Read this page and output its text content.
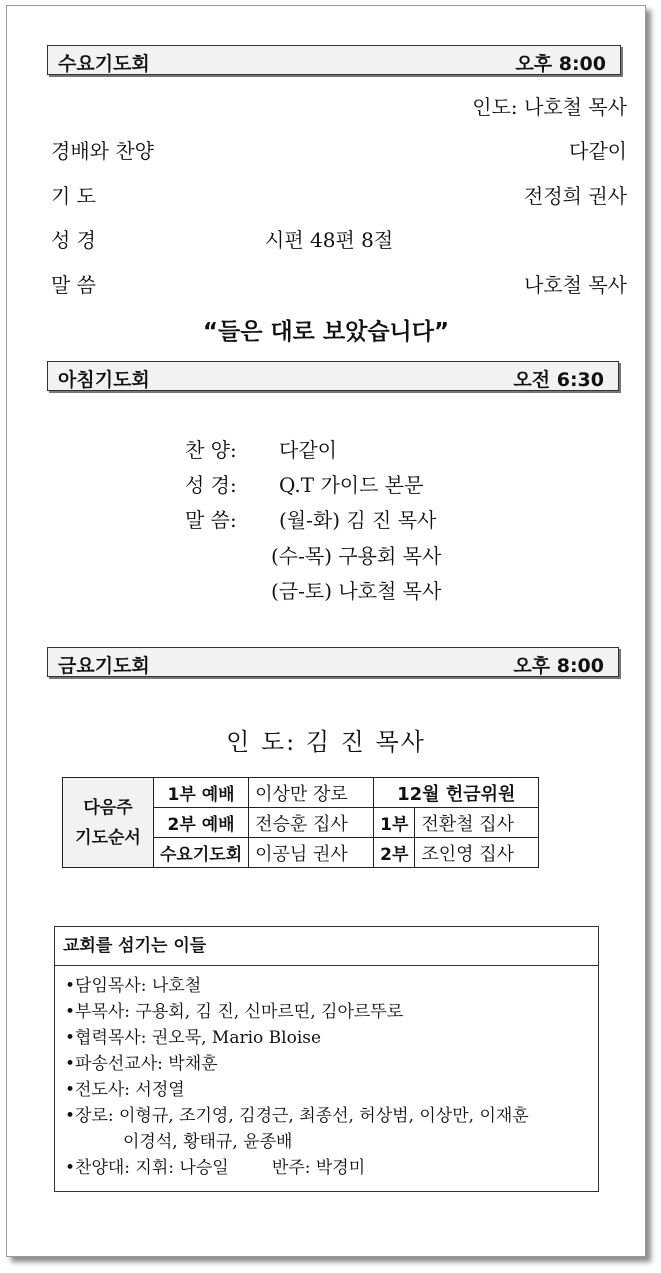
수요기도회	오후 8:00
인도: 나호철 목사
경배와 찬양	다같이
기 도	전정희 권사
성 경	시편 48편 8절
말 씀	나호철 목사
“들은 대로 보았습니다”
아침기도회	오전 6:30
찬 양: 다같이
성 경: Q.T 가이드 본문
말 씀: (월-화) 김 진 목사
(수-목) 구용회 목사
(금-토) 나호철 목사
금요기도회	오후 8:00
인 도: 김 진 목사
다음주
기도순서	1부 예배	이상만 장로	12월 헌금위원	
	2부 예배	전승훈 집사	1부	전환철 집사
	수요기도회	이공님 권사	2부	조인영 집사
교회를 섬기는 이들
•담임목사: 나호철
•부목사: 구용회, 김 진, 신마르띤, 김아르뚜로
•협력목사: 권오묵, Mario Bloise
•파송선교사: 박채훈
•전도사: 서정열
•장로: 이형규, 조기영, 김경근, 최종선, 허상범, 이상만, 이재훈
이경석, 황태규, 윤종배
•찬양대: 지휘: 나승일        반주: 박경미
